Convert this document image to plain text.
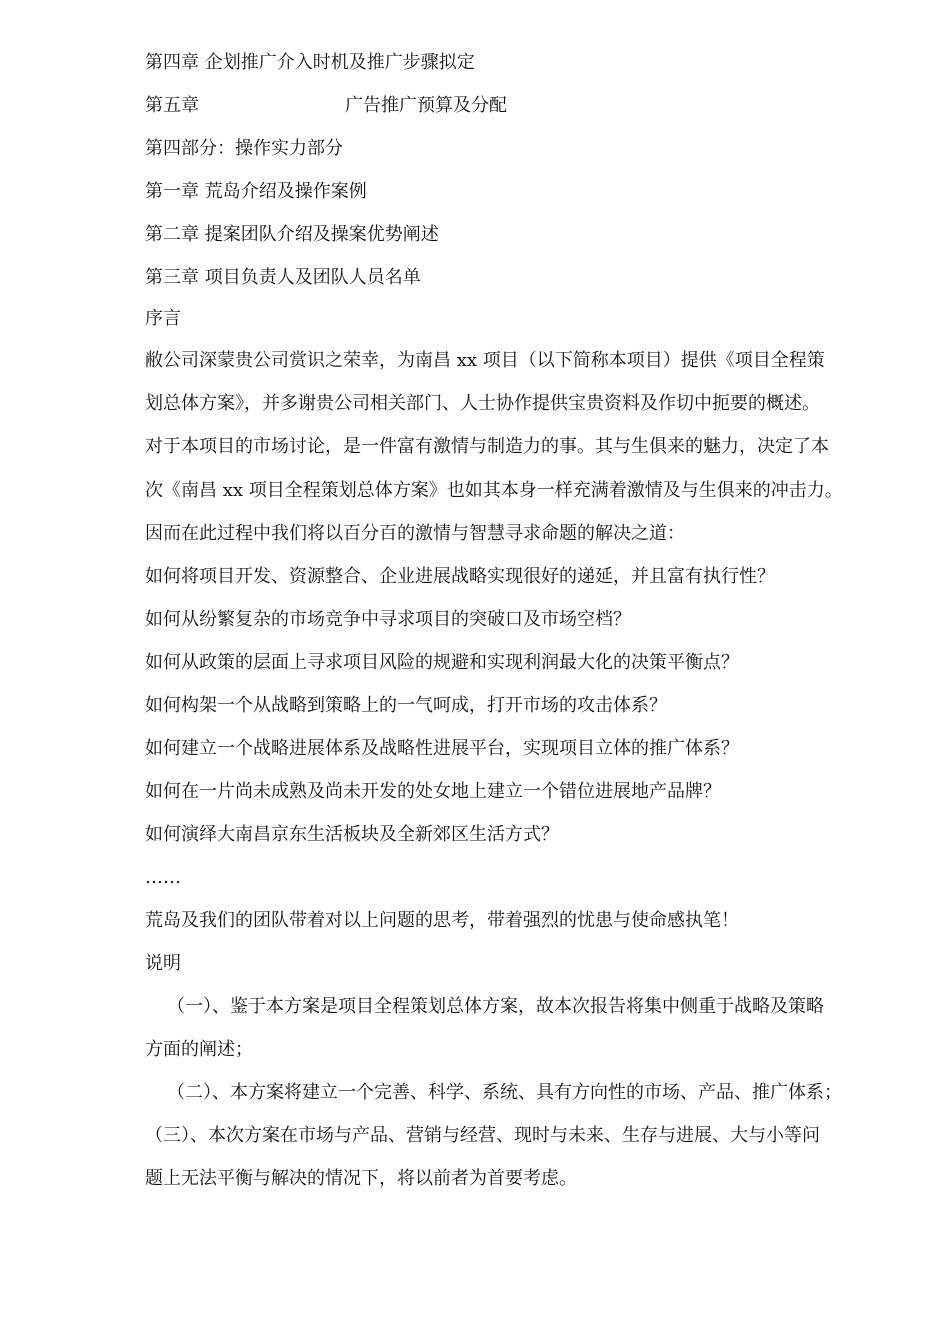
第四章 企划推广介入时机及推广步骤拟定
第五章	广告推广预算及分配
第四部分：操作实力部分
第一章 荒岛介绍及操作案例
第二章 提案团队介绍及操案优势阐述
第三章 项目负责人及团队人员名单
序言
敝公司深蒙贵公司赏识之荣幸，为南昌 xx 项目（以下简称本项目）提供《项目全程策
划总体方案》，并多谢贵公司相关部门、人士协作提供宝贵资料及作切中扼要的概述。
对于本项目的市场讨论，是一件富有激情与制造力的事。其与生俱来的魅力，决定了本
次《南昌 xx 项目全程策划总体方案》也如其本身一样充满着激情及与生俱来的冲击力。
因而在此过程中我们将以百分百的激情与智慧寻求命题的解决之道：
如何将项目开发、资源整合、企业进展战略实现很好的递延，并且富有执行性？
如何从纷繁复杂的市场竞争中寻求项目的突破口及市场空档？
如何从政策的层面上寻求项目风险的规避和实现利润最大化的决策平衡点？
如何构架一个从战略到策略上的一气呵成，打开市场的攻击体系？
如何建立一个战略进展体系及战略性进展平台，实现项目立体的推广体系？
如何在一片尚未成熟及尚未开发的处女地上建立一个错位进展地产品牌？
如何演绎大南昌京东生活板块及全新郊区生活方式？
……
荒岛及我们的团队带着对以上问题的思考，带着强烈的忧患与使命感执笔！
说明
（一）、鉴于本方案是项目全程策划总体方案，故本次报告将集中侧重于战略及策略
方面的阐述；
（二）、本方案将建立一个完善、科学、系统、具有方向性的市场、产品、推广体系；
（三）、本次方案在市场与产品、营销与经营、现时与未来、生存与进展、大与小等问
题上无法平衡与解决的情况下，将以前者为首要考虑。
